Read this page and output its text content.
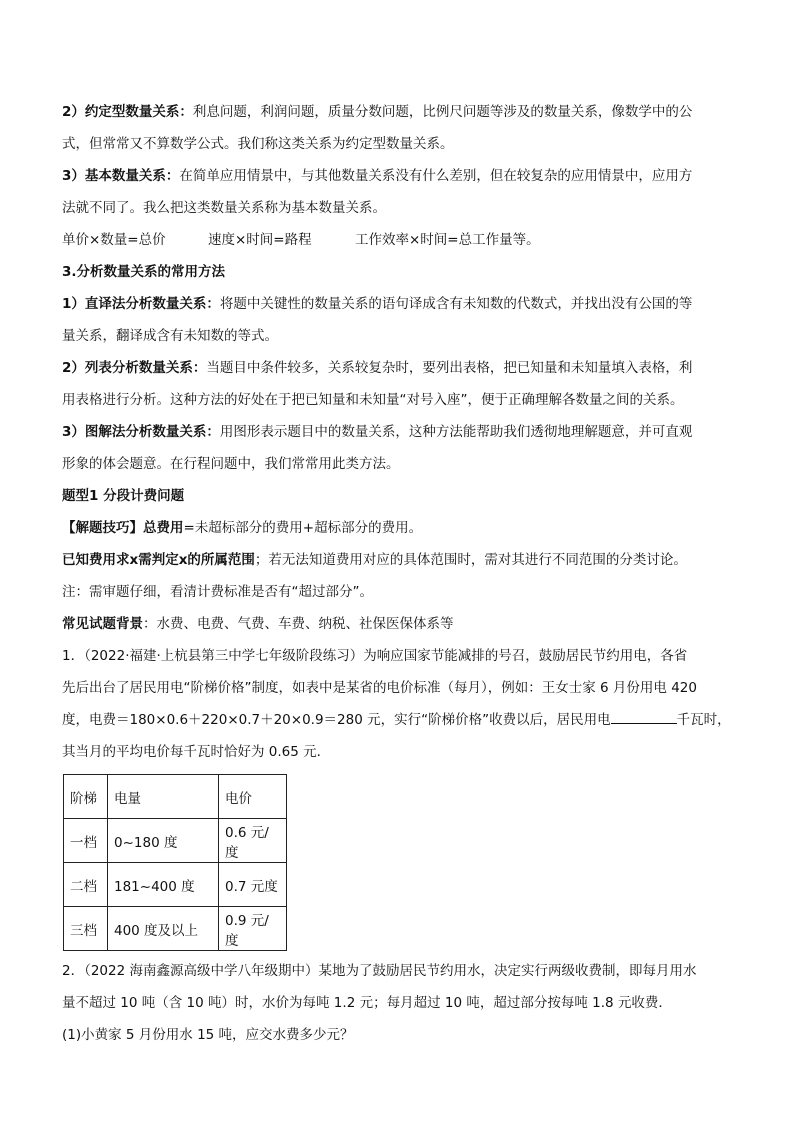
2）约定型数量关系：利息问题，利润问题，质量分数问题，比例尺问题等涉及的数量关系，像数学中的公

式，但常常又不算数学公式。我们称这类关系为约定型数量关系。

3）基本数量关系：在简单应用情景中，与其他数量关系没有什么差别，但在较复杂的应用情景中，应用方

法就不同了。我么把这类数量关系称为基本数量关系。

单价×数量=总价	速度×时间=路程	工作效率×时间=总工作量等。

3.分析数量关系的常用方法

1）直译法分析数量关系：将题中关键性的数量关系的语句译成含有未知数的代数式，并找出没有公国的等

量关系，翻译成含有未知数的等式。

2）列表分析数量关系：当题目中条件较多，关系较复杂时，要列出表格，把已知量和未知量填入表格，利

用表格进行分析。这种方法的好处在于把已知量和未知量“对号入座”，便于正确理解各数量之间的关系。

3）图解法分析数量关系：用图形表示题目中的数量关系，这种方法能帮助我们透彻地理解题意，并可直观

形象的体会题意。在行程问题中，我们常常用此类方法。

题型1 分段计费问题

【解题技巧】总费用=未超标部分的费用+超标部分的费用。

已知费用求x需判定x的所属范围；若无法知道费用对应的具体范围时，需对其进行不同范围的分类讨论。

注：需审题仔细，看清计费标准是否有“超过部分”。

常见试题背景：水费、电费、气费、车费、纳税、社保医保体系等

1．（2022·福建·上杭县第三中学七年级阶段练习）为响应国家节能减排的号召，鼓励居民节约用电，各省

先后出台了居民用电“阶梯价格”制度，如表中是某省的电价标准（每月），例如：王女士家 6 月份用电 420

度，电费＝180×0.6＋220×0.7＋20×0.9＝280 元，实行“阶梯价格”收费以后，居民用电	千瓦时，

其当月的平均电价每千瓦时恰好为 0.65 元．

阶梯	电量	电价
一档	0~180 度	0.6 元/度
二档	181~400 度	0.7 元度
三档	400 度及以上	0.9 元/度

2．（2022 海南鑫源高级中学八年级期中）某地为了鼓励居民节约用水，决定实行两级收费制，即每月用水

量不超过 10 吨（含 10 吨）时，水价为每吨 1.2 元；每月超过 10 吨，超过部分按每吨 1.8 元收费．

(1)小黄家 5 月份用水 15 吨，应交水费多少元？
